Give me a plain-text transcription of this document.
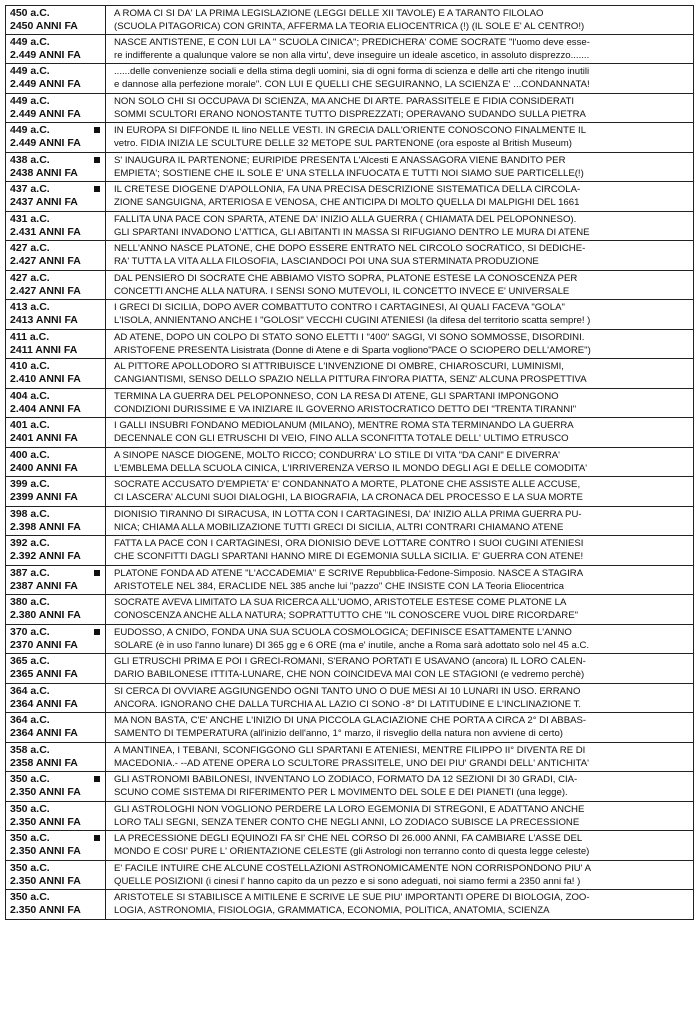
450 a.C.
2450 ANNI FA
A ROMA CI SI DA' LA PRIMA LEGISLAZIONE (LEGGI DELLE XII TAVOLE) E A TARANTO FILOLAO
(SCUOLA PITAGORICA) CON GRINTA, AFFERMA LA TEORIA ELIOCENTRICA (!) (IL SOLE E' AL CENTRO!)
449 a.C.
2.449 ANNI FA
NASCE ANTISTENE, E CON LUI LA " SCUOLA CINICA"; PREDICHERA' COME SOCRATE "l'uomo deve esse-
re indifferente a qualunque valore se non alla virtu', deve inseguire un ideale ascetico, in assoluto disprezzo.......
449 a.C.
2.449 ANNI FA
......delle convenienze sociali e della stima degli uomini, sia di ogni forma di scienza e delle arti che ritengo inutili
e dannose alla perfezione morale". CON LUI E QUELLI CHE SEGUIRANNO, LA SCIENZA E' ...CONDANNATA!
449 a.C.
2.449 ANNI FA
NON SOLO CHI SI OCCUPAVA DI SCIENZA, MA ANCHE DI ARTE. PARASSITELE E FIDIA CONSIDERATI
SOMMI SCULTORI ERANO NONOSTANTE TUTTO DISPREZZATI; OPERAVANO SUDANDO SULLA PIETRA
449 a.C.
2.449 ANNI FA
IN EUROPA SI DIFFONDE IL lino NELLE VESTI. IN GRECIA DALL'ORIENTE CONOSCONO FINALMENTE IL
vetro. FIDIA INIZIA LE SCULTURE DELLE 32 METOPE SUL PARTENONE (ora esposte al British Museum)
438 a.C.
2438 ANNI FA
S' INAUGURA IL PARTENONE; EURIPIDE PRESENTA L'Alcesti E ANASSAGORA VIENE BANDITO PER
EMPIETA'; SOSTIENE CHE IL SOLE E' UNA STELLA INFUOCATA E TUTTI NOI SIAMO SUE PARTICELLE(!)
437 a.C.
2437 ANNI FA
IL CRETESE DIOGENE D'APOLLONIA, FA UNA PRECISA DESCRIZIONE SISTEMATICA DELLA CIRCOLA-
ZIONE SANGUIGNA, ARTERIOSA E VENOSA, CHE ANTICIPA DI MOLTO QUELLA DI MALPIGHI DEL 1661
431 a.C.
2.431 ANNI FA
FALLITA UNA PACE CON SPARTA, ATENE DA' INIZIO ALLA GUERRA ( CHIAMATA DEL PELOPONNESO).
GLI SPARTANI INVADONO L'ATTICA, GLI ABITANTI IN MASSA SI RIFUGIANO DENTRO LE MURA DI ATENE
427 a.C.
2.427 ANNI FA
NELL'ANNO NASCE PLATONE, CHE DOPO ESSERE ENTRATO NEL CIRCOLO SOCRATICO, SI DEDICHE-
RA' TUTTA LA VITA ALLA FILOSOFIA, LASCIANDOCI POI UNA SUA STERMINATA PRODUZIONE
427 a.C.
2.427 ANNI FA
DAL PENSIERO DI SOCRATE CHE ABBIAMO VISTO SOPRA, PLATONE ESTESE LA CONOSCENZA PER
CONCETTI ANCHE ALLA NATURA. I SENSI SONO MUTEVOLI, IL CONCETTO INVECE E' UNIVERSALE
413 a.C.
2413 ANNI FA
I GRECI DI SICILIA, DOPO AVER COMBATTUTO CONTRO I CARTAGINESI, AI QUALI FACEVA "GOLA"
L'ISOLA, ANNIENTANO ANCHE I "GOLOSI" VECCHI CUGINI ATENIESI (la difesa del territorio scatta sempre! )
411 a.C.
2411 ANNI FA
AD ATENE, DOPO UN COLPO DI STATO SONO ELETTI I "400" SAGGI, VI SONO SOMMOSSE, DISORDINI.
ARISTOFENE PRESENTA Lisistrata (Donne di Atene e di Sparta vogliono"PACE O SCIOPERO DELL'AMORE")
410 a.C.
2.410 ANNI FA
AL PITTORE APOLLODORO SI ATTRIBUISCE L'INVENZIONE DI OMBRE, CHIAROSCURI, LUMINISMI,
CANGIANTISMI, SENSO DELLO SPAZIO NELLA PITTURA FIN'ORA PIATTA, SENZ' ALCUNA PROSPETTIVA
404 a.C.
2.404 ANNI FA
TERMINA LA GUERRA DEL PELOPONNESO, CON LA RESA DI ATENE, GLI SPARTANI IMPONGONO
CONDIZIONI DURISSIME E VA INIZIARE IL GOVERNO ARISTOCRATICO DETTO DEI "TRENTA TIRANNI"
401 a.C.
2401 ANNI FA
I GALLI INSUBRI FONDANO MEDIOLANUM (MILANO), MENTRE ROMA STA TERMINANDO LA GUERRA
DECENNALE CON GLI ETRUSCHI DI VEIO, FINO ALLA SCONFITTA TOTALE DELL' ULTIMO ETRUSCO
400 a.C.
2400 ANNI FA
A SINOPE NASCE DIOGENE, MOLTO RICCO; CONDURRA' LO STILE DI VITA "DA CANI" E DIVERRA'
L'EMBLEMA DELLA SCUOLA CINICA, L'IRRIVERENZA VERSO IL MONDO DEGLI AGI E DELLE COMODITA'
399 a.C.
2399 ANNI FA
SOCRATE ACCUSATO D'EMPIETA' E' CONDANNATO A MORTE, PLATONE CHE ASSISTE ALLE ACCUSE,
CI LASCERA' ALCUNI SUOI DIALOGHI, LA BIOGRAFIA, LA CRONACA DEL PROCESSO E LA SUA MORTE
398 a.C.
2.398 ANNI FA
DIONISIO TIRANNO DI SIRACUSA, IN LOTTA CON I CARTAGINESI, DA' INIZIO ALLA PRIMA GUERRA PU-
NICA; CHIAMA ALLA MOBILIZAZIONE TUTTI GRECI DI SICILIA, ALTRI CONTRARI CHIAMANO ATENE
392 a.C.
2.392 ANNI FA
FATTA LA PACE CON I CARTAGINESI, ORA DIONISIO DEVE LOTTARE CONTRO I SUOI CUGINI ATENIESI
CHE SCONFITTI DAGLI SPARTANI HANNO MIRE DI EGEMONIA SULLA SICILIA. E' GUERRA CON ATENE!
387 a.C.
2387 ANNI FA
PLATONE FONDA AD ATENE "L'ACCADEMIA" E SCRIVE Repubblica-Fedone-Simposio. NASCE A STAGIRA
ARISTOTELE NEL 384, ERACLIDE NEL 385 anche lui "pazzo" CHE INSISTE CON LA Teoria Eliocentrica
380 a.C.
2.380 ANNI FA
SOCRATE AVEVA LIMITATO LA SUA RICERCA ALL'UOMO, ARISTOTELE ESTESE COME PLATONE LA
CONOSCENZA ANCHE ALLA NATURA; SOPRATTUTTO CHE "IL CONOSCERE VUOL DIRE RICORDARE"
370 a.C.
2370 ANNI FA
EUDOSSO, A CNIDO, FONDA UNA SUA SCUOLA COSMOLOGICA; DEFINISCE ESATTAMENTE L'ANNO
SOLARE (è in uso l'anno lunare) DI 365 gg e 6 ORE (ma e' inutile, anche a Roma sarà adottato solo nel 45 a.C.
365 a.C.
2365 ANNI FA
GLI ETRUSCHI PRIMA E POI I GRECI-ROMANI, S'ERANO PORTATI E USAVANO (ancora) IL LORO CALEN-
DARIO BABILONESE ITTITA-LUNARE, CHE NON COINCIDEVA MAI CON LE STAGIONI (e vedremo perchè)
364 a.C.
2364 ANNI FA
SI CERCA DI OVVIARE AGGIUNGENDO OGNI TANTO UNO O DUE MESI AI 10 LUNARI IN USO. ERRANO
ANCORA. IGNORANO CHE DALLA TURCHIA AL LAZIO CI SONO -8° DI LATITUDINE E L'INCLINAZIONE T.
364 a.C.
2364 ANNI FA
MA NON BASTA, C'E' ANCHE L'INIZIO DI UNA PICCOLA GLACIAZIONE CHE PORTA A CIRCA 2° DI ABBAS-
SAMENTO DI TEMPERATURA (all'inizio dell'anno, 1° marzo, il risveglio della natura non avviene di certo)
358 a.C.
2358 ANNI FA
A MANTINEA, I TEBANI, SCONFIGGONO GLI SPARTANI E ATENIESI, MENTRE FILIPPO II° DIVENTA RE DI
MACEDONIA.- --AD ATENE OPERA LO SCULTORE PRASSITELE, UNO DEI PIU' GRANDI DELL' ANTICHITA'
350 a.C.
2.350 ANNI FA
GLI ASTRONOMI BABILONESI, INVENTANO LO ZODIACO, FORMATO DA 12 SEZIONI DI 30 GRADI, CIA-
SCUNO COME SISTEMA DI RIFERIMENTO PER L MOVIMENTO DEL SOLE E DEI PIANETI (una legge).
350 a.C.
2.350 ANNI FA
GLI ASTROLOGHI NON VOGLIONO PERDERE LA LORO EGEMONIA DI STREGONI, E ADATTANO ANCHE
LORO TALI SEGNI, SENZA TENER CONTO CHE NEGLI ANNI, LO ZODIACO SUBISCE LA PRECESSIONE
350 a.C.
2.350 ANNI FA
LA PRECESSIONE DEGLI EQUINOZI FA SI' CHE NEL CORSO DI 26.000 ANNI, FA CAMBIARE L'ASSE DEL
MONDO E COSI' PURE L' ORIENTAZIONE CELESTE (gli Astrologi non terranno conto di questa legge celeste)
350 a.C.
2.350 ANNI FA
E' FACILE INTUIRE CHE ALCUNE COSTELLAZIONI ASTRONOMICAMENTE NON CORRISPONDONO PIU' A
QUELLE POSIZIONI (i cinesi l' hanno capito da un pezzo e si sono adeguati, noi siamo fermi a 2350 anni fa! )
350 a.C.
2.350 ANNI FA
ARISTOTELE SI STABILISCE A MITILENE E SCRIVE LE SUE PIU' IMPORTANTI OPERE DI BIOLOGIA, ZOO-
LOGIA, ASTRONOMIA, FISIOLOGIA, GRAMMATICA, ECONOMIA, POLITICA, ANATOMIA, SCIENZA
